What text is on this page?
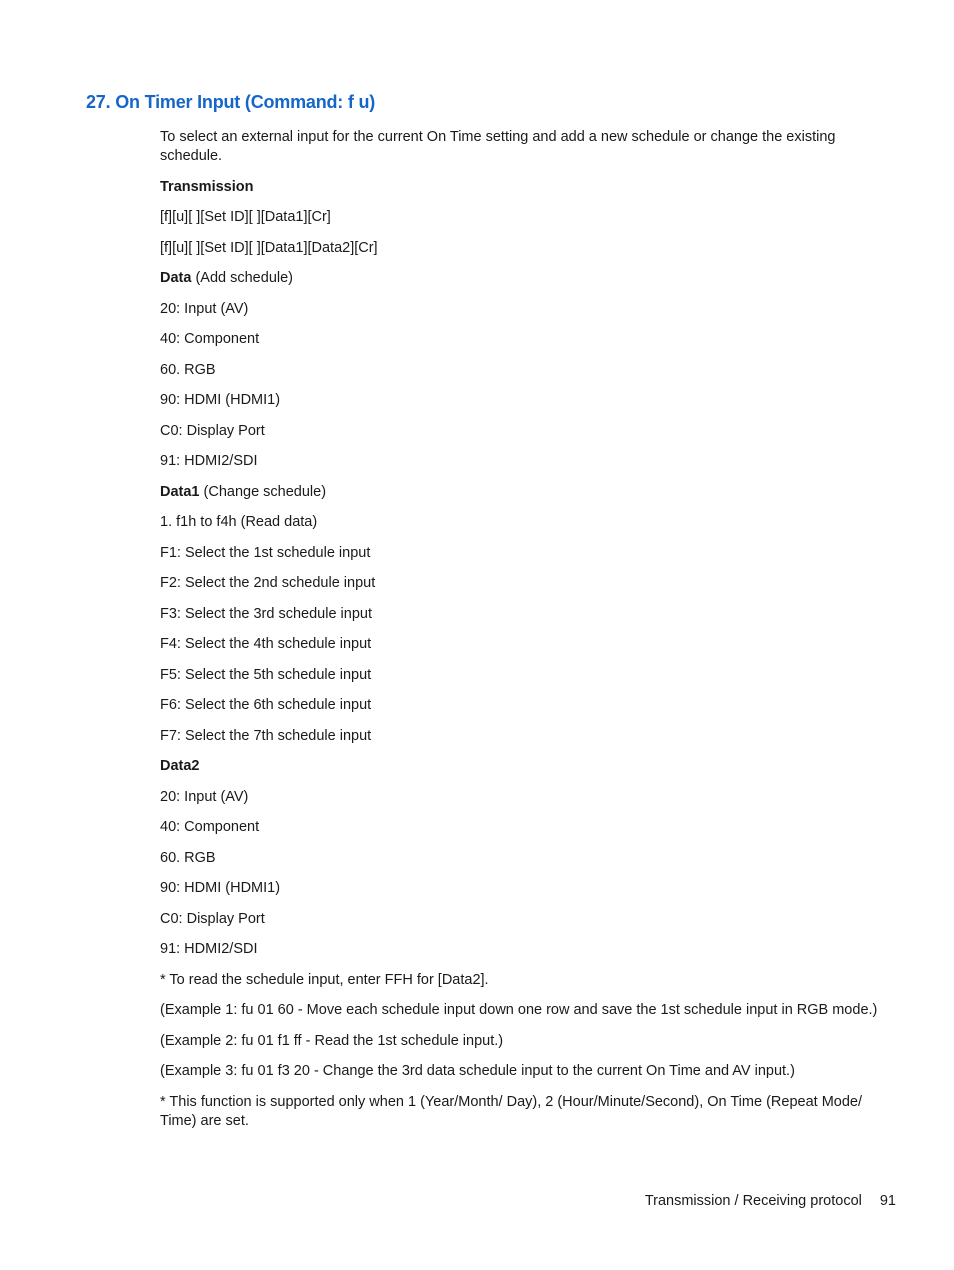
27. On Timer Input (Command: f u)

To select an external input for the current On Time setting and add a new schedule or change the existing schedule.

Transmission

[f][u][ ][Set ID][ ][Data1][Cr]

[f][u][ ][Set ID][ ][Data1][Data2][Cr]

Data (Add schedule)

20: Input (AV)

40: Component

60. RGB

90: HDMI (HDMI1)

C0: Display Port

91: HDMI2/SDI

Data1 (Change schedule)

1. f1h to f4h (Read data)

F1: Select the 1st schedule input

F2: Select the 2nd schedule input

F3: Select the 3rd schedule input

F4: Select the 4th schedule input

F5: Select the 5th schedule input

F6: Select the 6th schedule input

F7: Select the 7th schedule input

Data2

20: Input (AV)

40: Component

60. RGB

90: HDMI (HDMI1)

C0: Display Port

91: HDMI2/SDI

* To read the schedule input, enter FFH for [Data2].

(Example 1: fu 01 60 - Move each schedule input down one row and save the 1st schedule input in RGB mode.)

(Example 2: fu 01 f1 ff - Read the 1st schedule input.)

(Example 3: fu 01 f3 20 - Change the 3rd data schedule input to the current On Time and AV input.)

* This function is supported only when 1 (Year/Month/ Day), 2 (Hour/Minute/Second), On Time (Repeat Mode/ Time) are set.

Transmission / Receiving protocol 91
